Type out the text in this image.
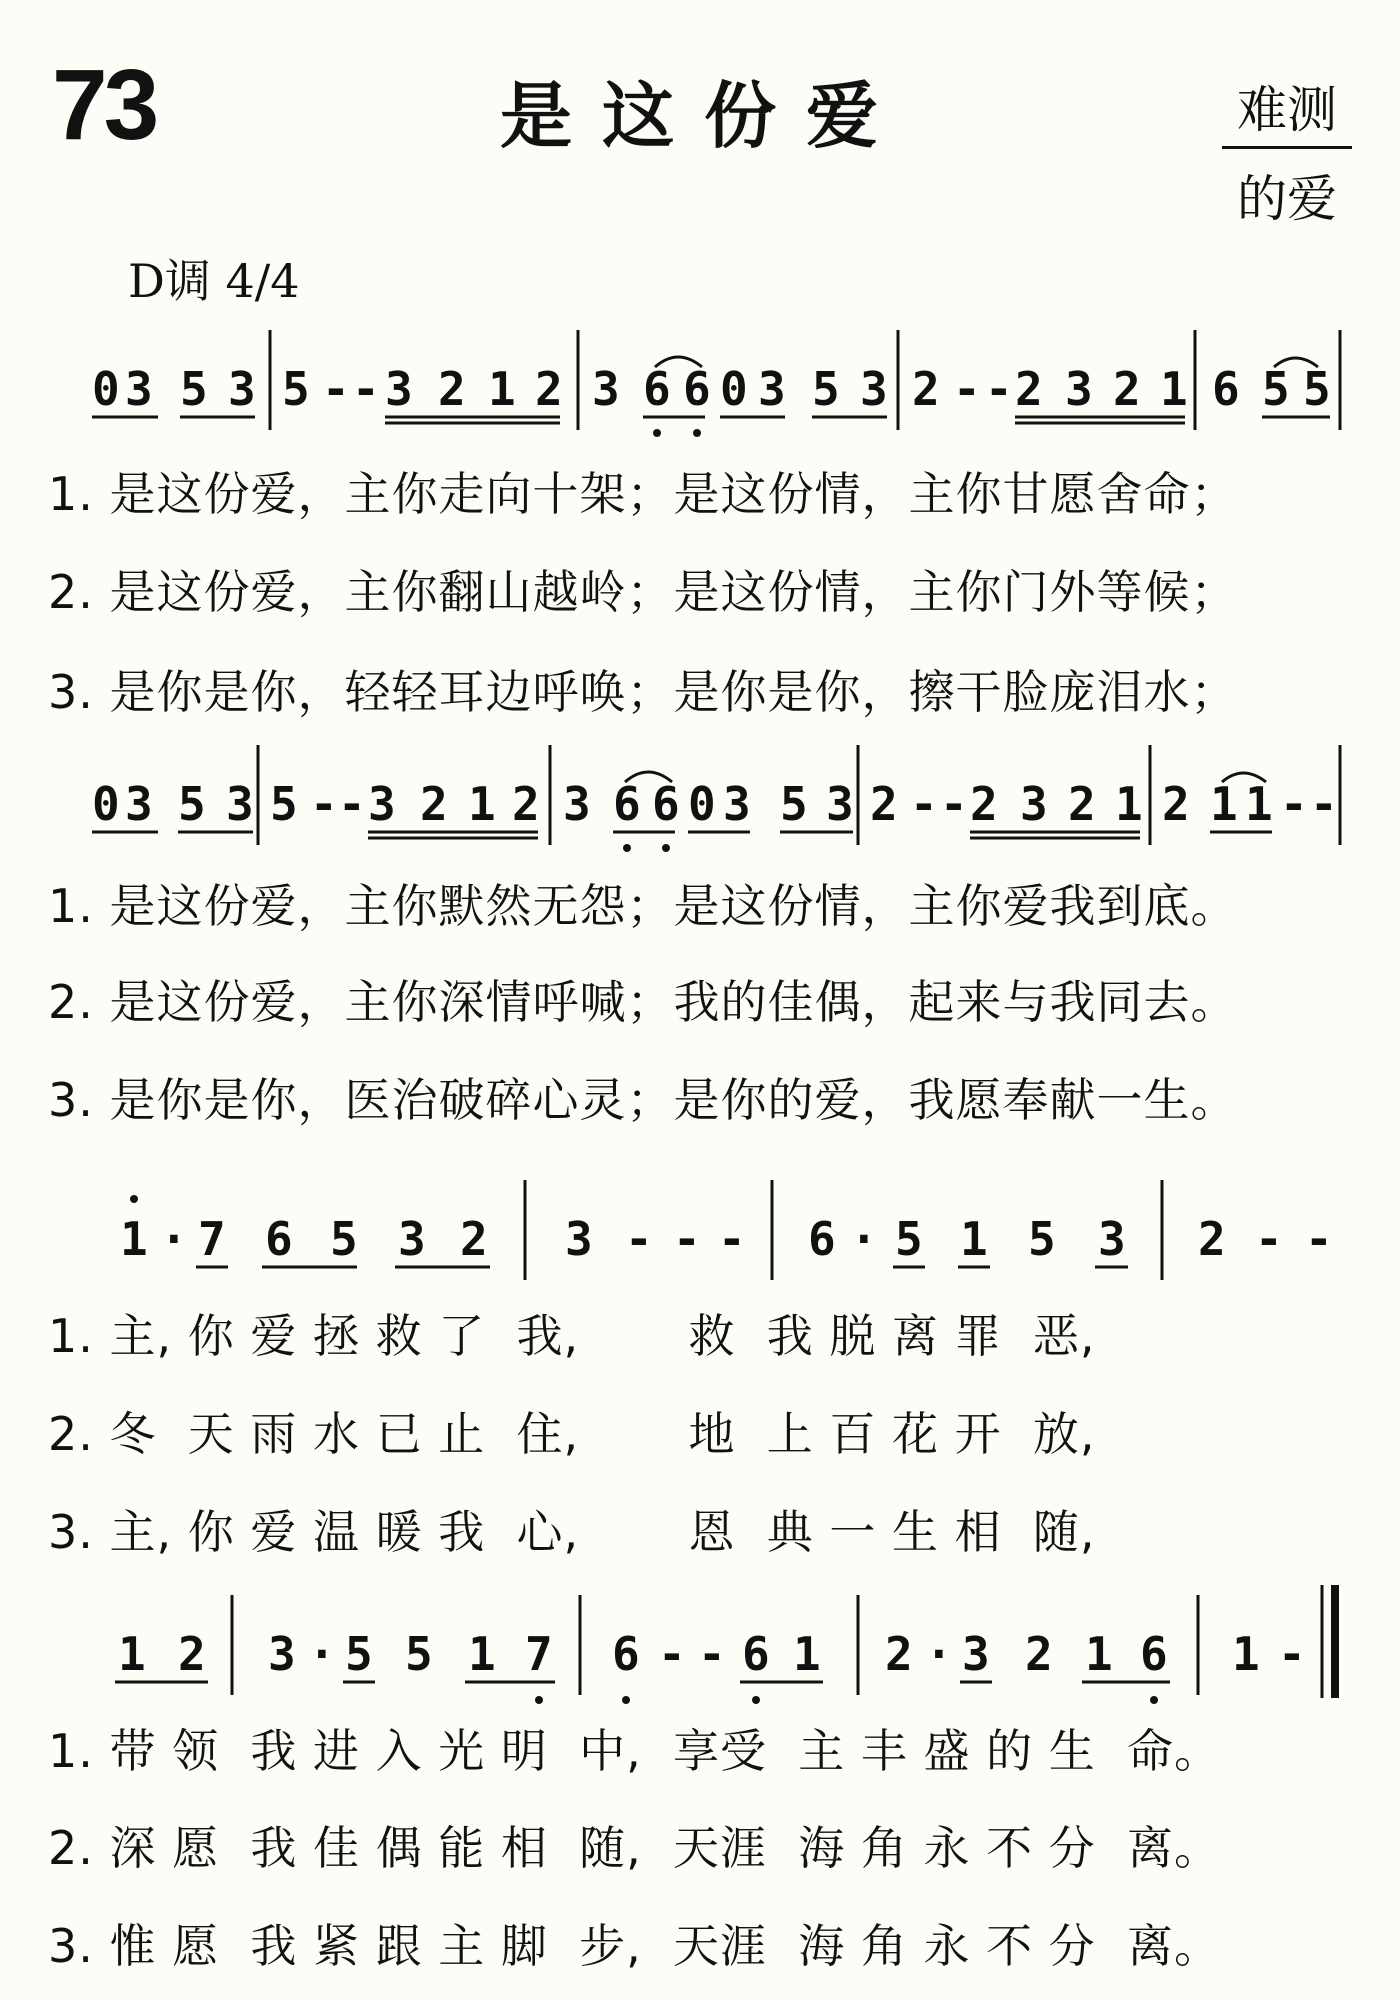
73	是这份爱	难测
的爱
D调 4/4
0 3 5 3 5 - - 3 2 1 2 3 6 6 0 3 5 3 2 - - 2 3 2 1 6 5 5
1. 是这份爱，主你走向十架；是这份情，主你甘愿舍命；
2. 是这份爱，主你翻山越岭；是这份情，主你门外等候；
3. 是你是你，轻轻耳边呼唤；是你是你，擦干脸庞泪水；
0 3 5 3 5 - - 3 2 1 2 3 6 6 0 3 5 3 2 - - 2 3 2 1 2 1 1 - -
1. 是这份爱，主你默然无怨；是这份情，主你爱我到底。
2. 是这份爱，主你深情呼喊；我的佳偶，起来与我同去。
3. 是你是你，医治破碎心灵；是你的爱，我愿奉献一生。
1 · 7 6 5 3 2 3 - - - 6 · 5 1 5 3 2 - -
1. 主, 你 爱 拯 救 了  我,       救  我 脱 离 罪  恶,
2. 冬  天 雨 水 已 止  住,       地  上 百 花 开  放,
3. 主, 你 爱 温 暖 我  心,       恩  典 一 生 相  随,
1 2 3 · 5 5 1 7 6 - - 6 1 2 · 3 2 1 6 1 -
1. 带 领  我 进 入 光 明  中,  享受  主 丰 盛 的 生  命。
2. 深 愿  我 佳 偶 能 相  随,  天涯  海 角 永 不 分  离。
3. 惟 愿  我 紧 跟 主 脚  步,  天涯  海 角 永 不 分  离。
